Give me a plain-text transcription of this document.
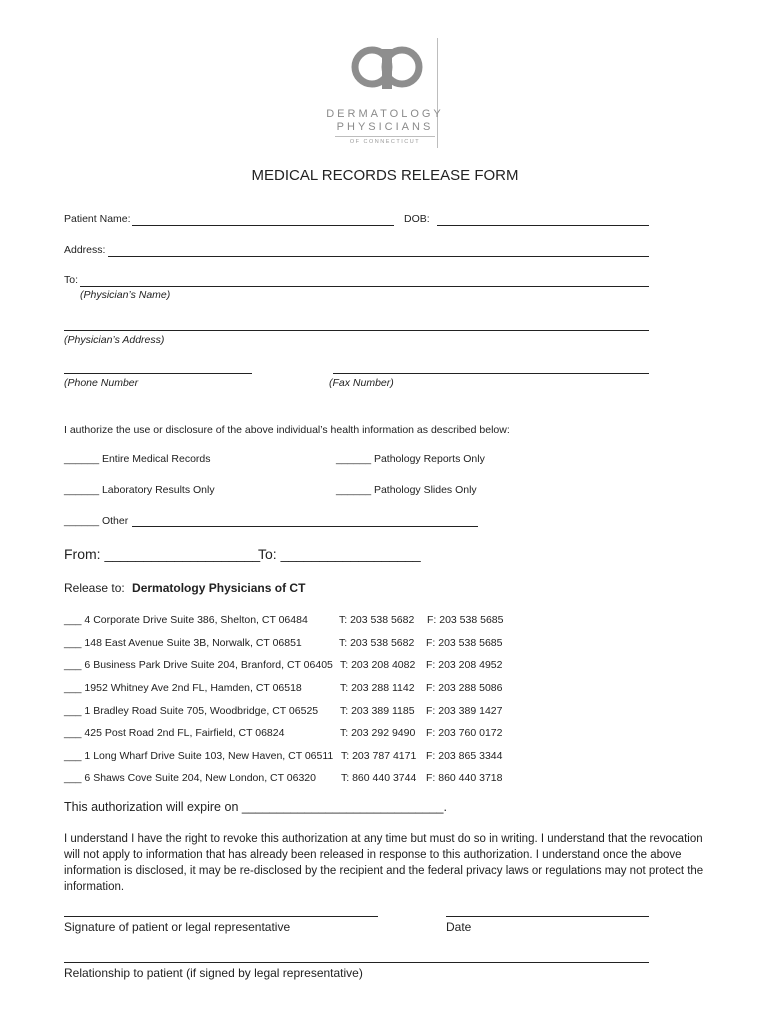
DERMATOLOGY
PHYSICIANS
OF CONNECTICUT
MEDICAL RECORDS RELEASE FORM
Patient Name:	DOB:
Address:
To:
(Physician’s Name)
(Physician’s Address)
(Phone Number	(Fax Number)
I authorize the use or disclosure of the above individual’s health information as described below:
______ Entire Medical Records	______ Pathology Reports Only
______ Laboratory Results Only	______ Pathology Slides Only
______ Other
From: ____________________
To: __________________
Release to: Dermatology Physicians of CT
___ 4 Corporate Drive Suite 386, Shelton, CT 06484	T: 203 538 5682 F: 203 538 5685
___ 148 East Avenue Suite 3B, Norwalk, CT 06851	T: 203 538 5682 F: 203 538 5685
___ 6 Business Park Drive Suite 204, Branford, CT 06405 T: 203 208 4082 F: 203 208 4952
___ 1952 Whitney Ave 2nd FL, Hamden, CT 06518	T: 203 288 1142 F: 203 288 5086
___ 1 Bradley Road Suite 705, Woodbridge, CT 06525 T: 203 389 1185 F: 203 389 1427
___ 425 Post Road 2nd FL, Fairfield, CT 06824	T: 203 292 9490 F: 203 760 0172
___ 1 Long Wharf Drive Suite 103, New Haven, CT 06511 T: 203 787 4171 F: 203 865 3344
___ 6 Shaws Cove Suite 204, New London, CT 06320 T: 860 440 3744 F: 860 440 3718
This authorization will expire on _____________________________.
I understand I have the right to revoke this authorization at any time but must do so in writing. I understand that the revocation will not apply to information that has already been released in response to this authorization. I understand once the above information is disclosed, it may be re-disclosed by the recipient and the federal privacy laws or regulations may not protect the information.
Signature of patient or legal representative	Date
Relationship to patient (if signed by legal representative)
